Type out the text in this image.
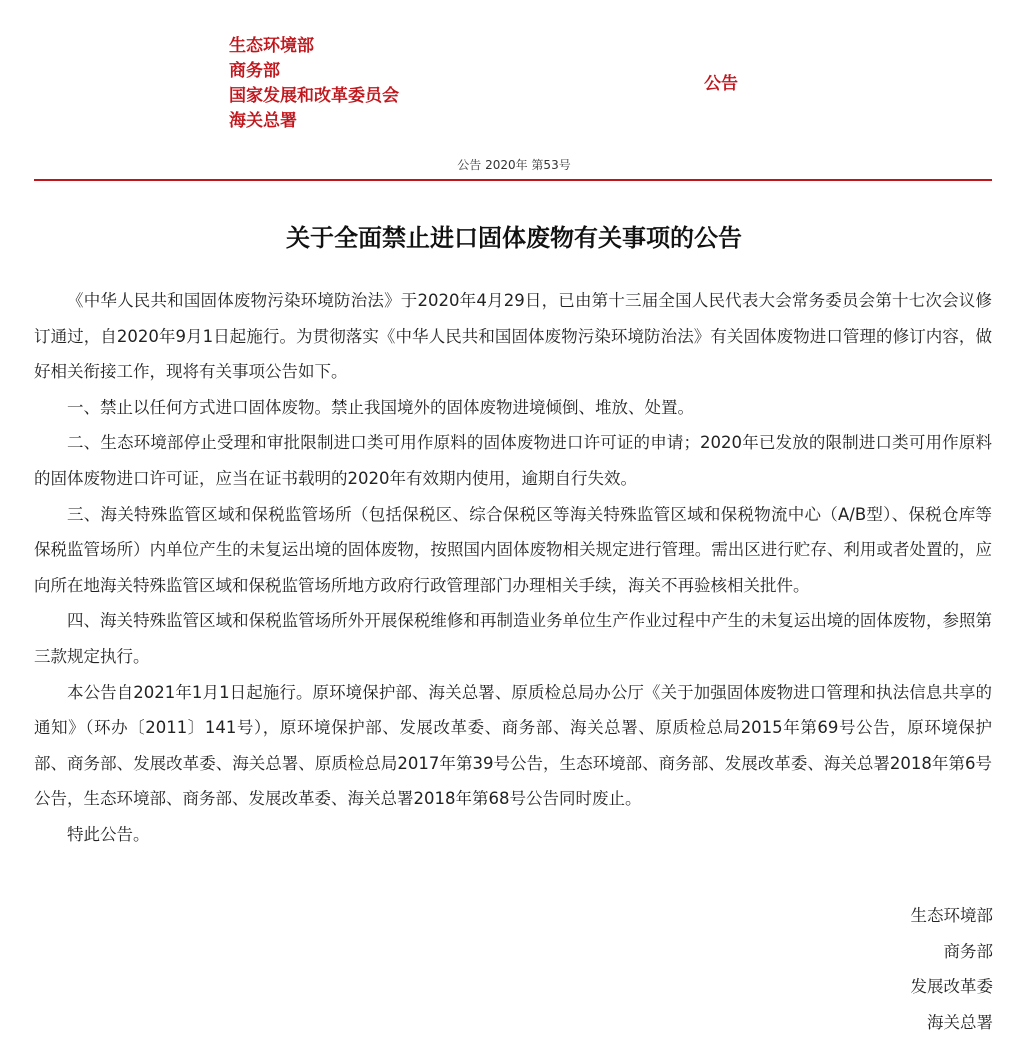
生态环境部
商务部
国家发展和改革委员会
海关总署
公告
公告 2020年 第53号
关于全面禁止进口固体废物有关事项的公告

《中华人民共和国固体废物污染环境防治法》于2020年4月29日，已由第十三届全国人民代表大会常务委员会第十七次会议修订通过，自2020年9月1日起施行。为贯彻落实《中华人民共和国固体废物污染环境防治法》有关固体废物进口管理的修订内容，做好相关衔接工作，现将有关事项公告如下。

一、禁止以任何方式进口固体废物。禁止我国境外的固体废物进境倾倒、堆放、处置。

二、生态环境部停止受理和审批限制进口类可用作原料的固体废物进口许可证的申请；2020年已发放的限制进口类可用作原料的固体废物进口许可证，应当在证书载明的2020年有效期内使用，逾期自行失效。

三、海关特殊监管区域和保税监管场所（包括保税区、综合保税区等海关特殊监管区域和保税物流中心（A/B型）、保税仓库等保税监管场所）内单位产生的未复运出境的固体废物，按照国内固体废物相关规定进行管理。需出区进行贮存、利用或者处置的，应向所在地海关特殊监管区域和保税监管场所地方政府行政管理部门办理相关手续，海关不再验核相关批件。

四、海关特殊监管区域和保税监管场所外开展保税维修和再制造业务单位生产作业过程中产生的未复运出境的固体废物，参照第三款规定执行。

本公告自2021年1月1日起施行。原环境保护部、海关总署、原质检总局办公厅《关于加强固体废物进口管理和执法信息共享的通知》（环办〔2011〕141号），原环境保护部、发展改革委、商务部、海关总署、原质检总局2015年第69号公告，原环境保护部、商务部、发展改革委、海关总署、原质检总局2017年第39号公告，生态环境部、商务部、发展改革委、海关总署2018年第6号公告，生态环境部、商务部、发展改革委、海关总署2018年第68号公告同时废止。

特此公告。

生态环境部
商务部
发展改革委
海关总署
